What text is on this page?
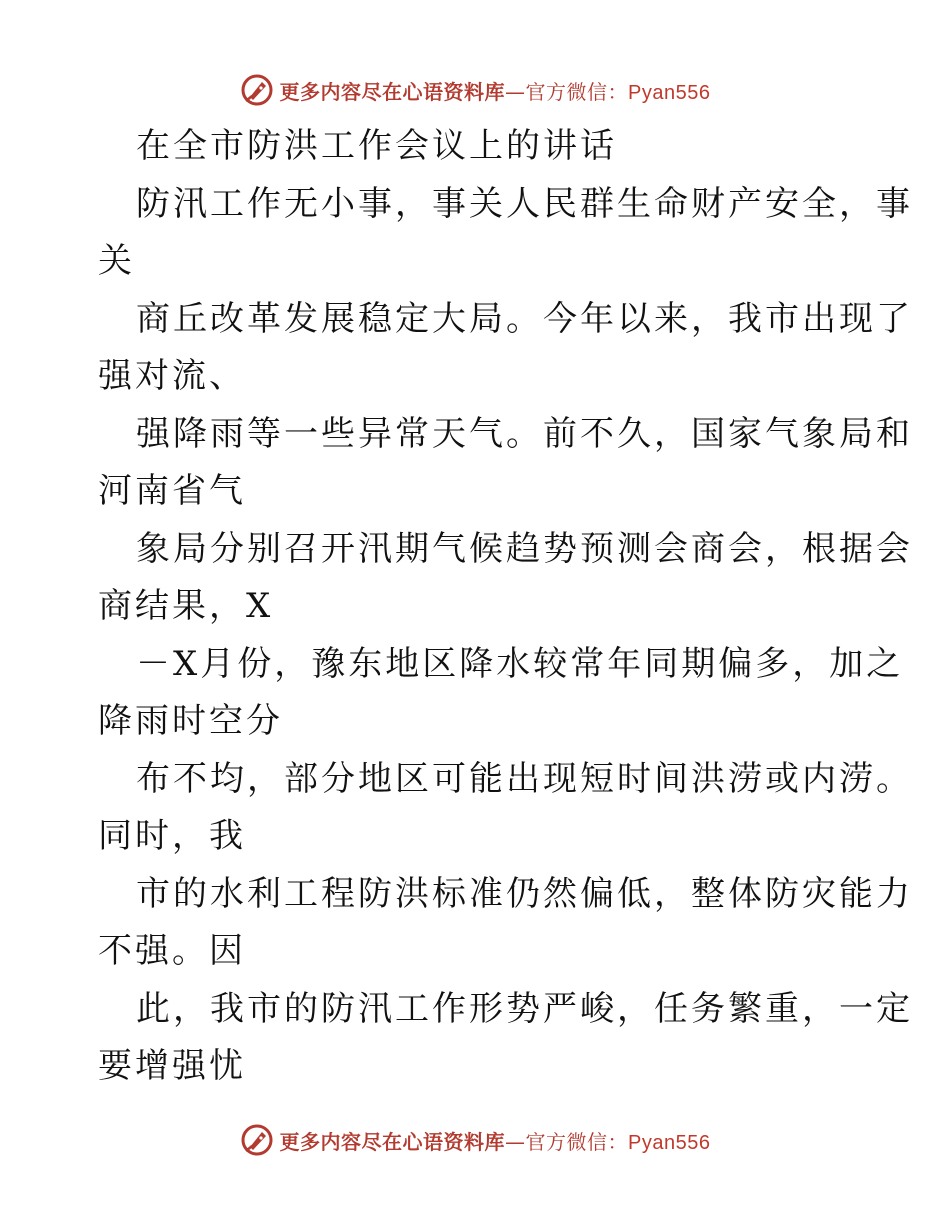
更多内容尽在心语资料库—官方微信：Pyan556
在全市防洪工作会议上的讲话
防汛工作无小事，事关人民群生命财产安全，事
关
商丘改革发展稳定大局。今年以来，我市出现了
强对流、
强降雨等一些异常天气。前不久，国家气象局和
河南省气
象局分别召开汛期气候趋势预测会商会，根据会
商结果，X
－X月份，豫东地区降水较常年同期偏多，加之
降雨时空分
布不均，部分地区可能出现短时间洪涝或内涝。
同时，我
市的水利工程防洪标准仍然偏低，整体防灾能力
不强。因
此，我市的防汛工作形势严峻，任务繁重，一定
要增强忧
更多内容尽在心语资料库—官方微信：Pyan556
